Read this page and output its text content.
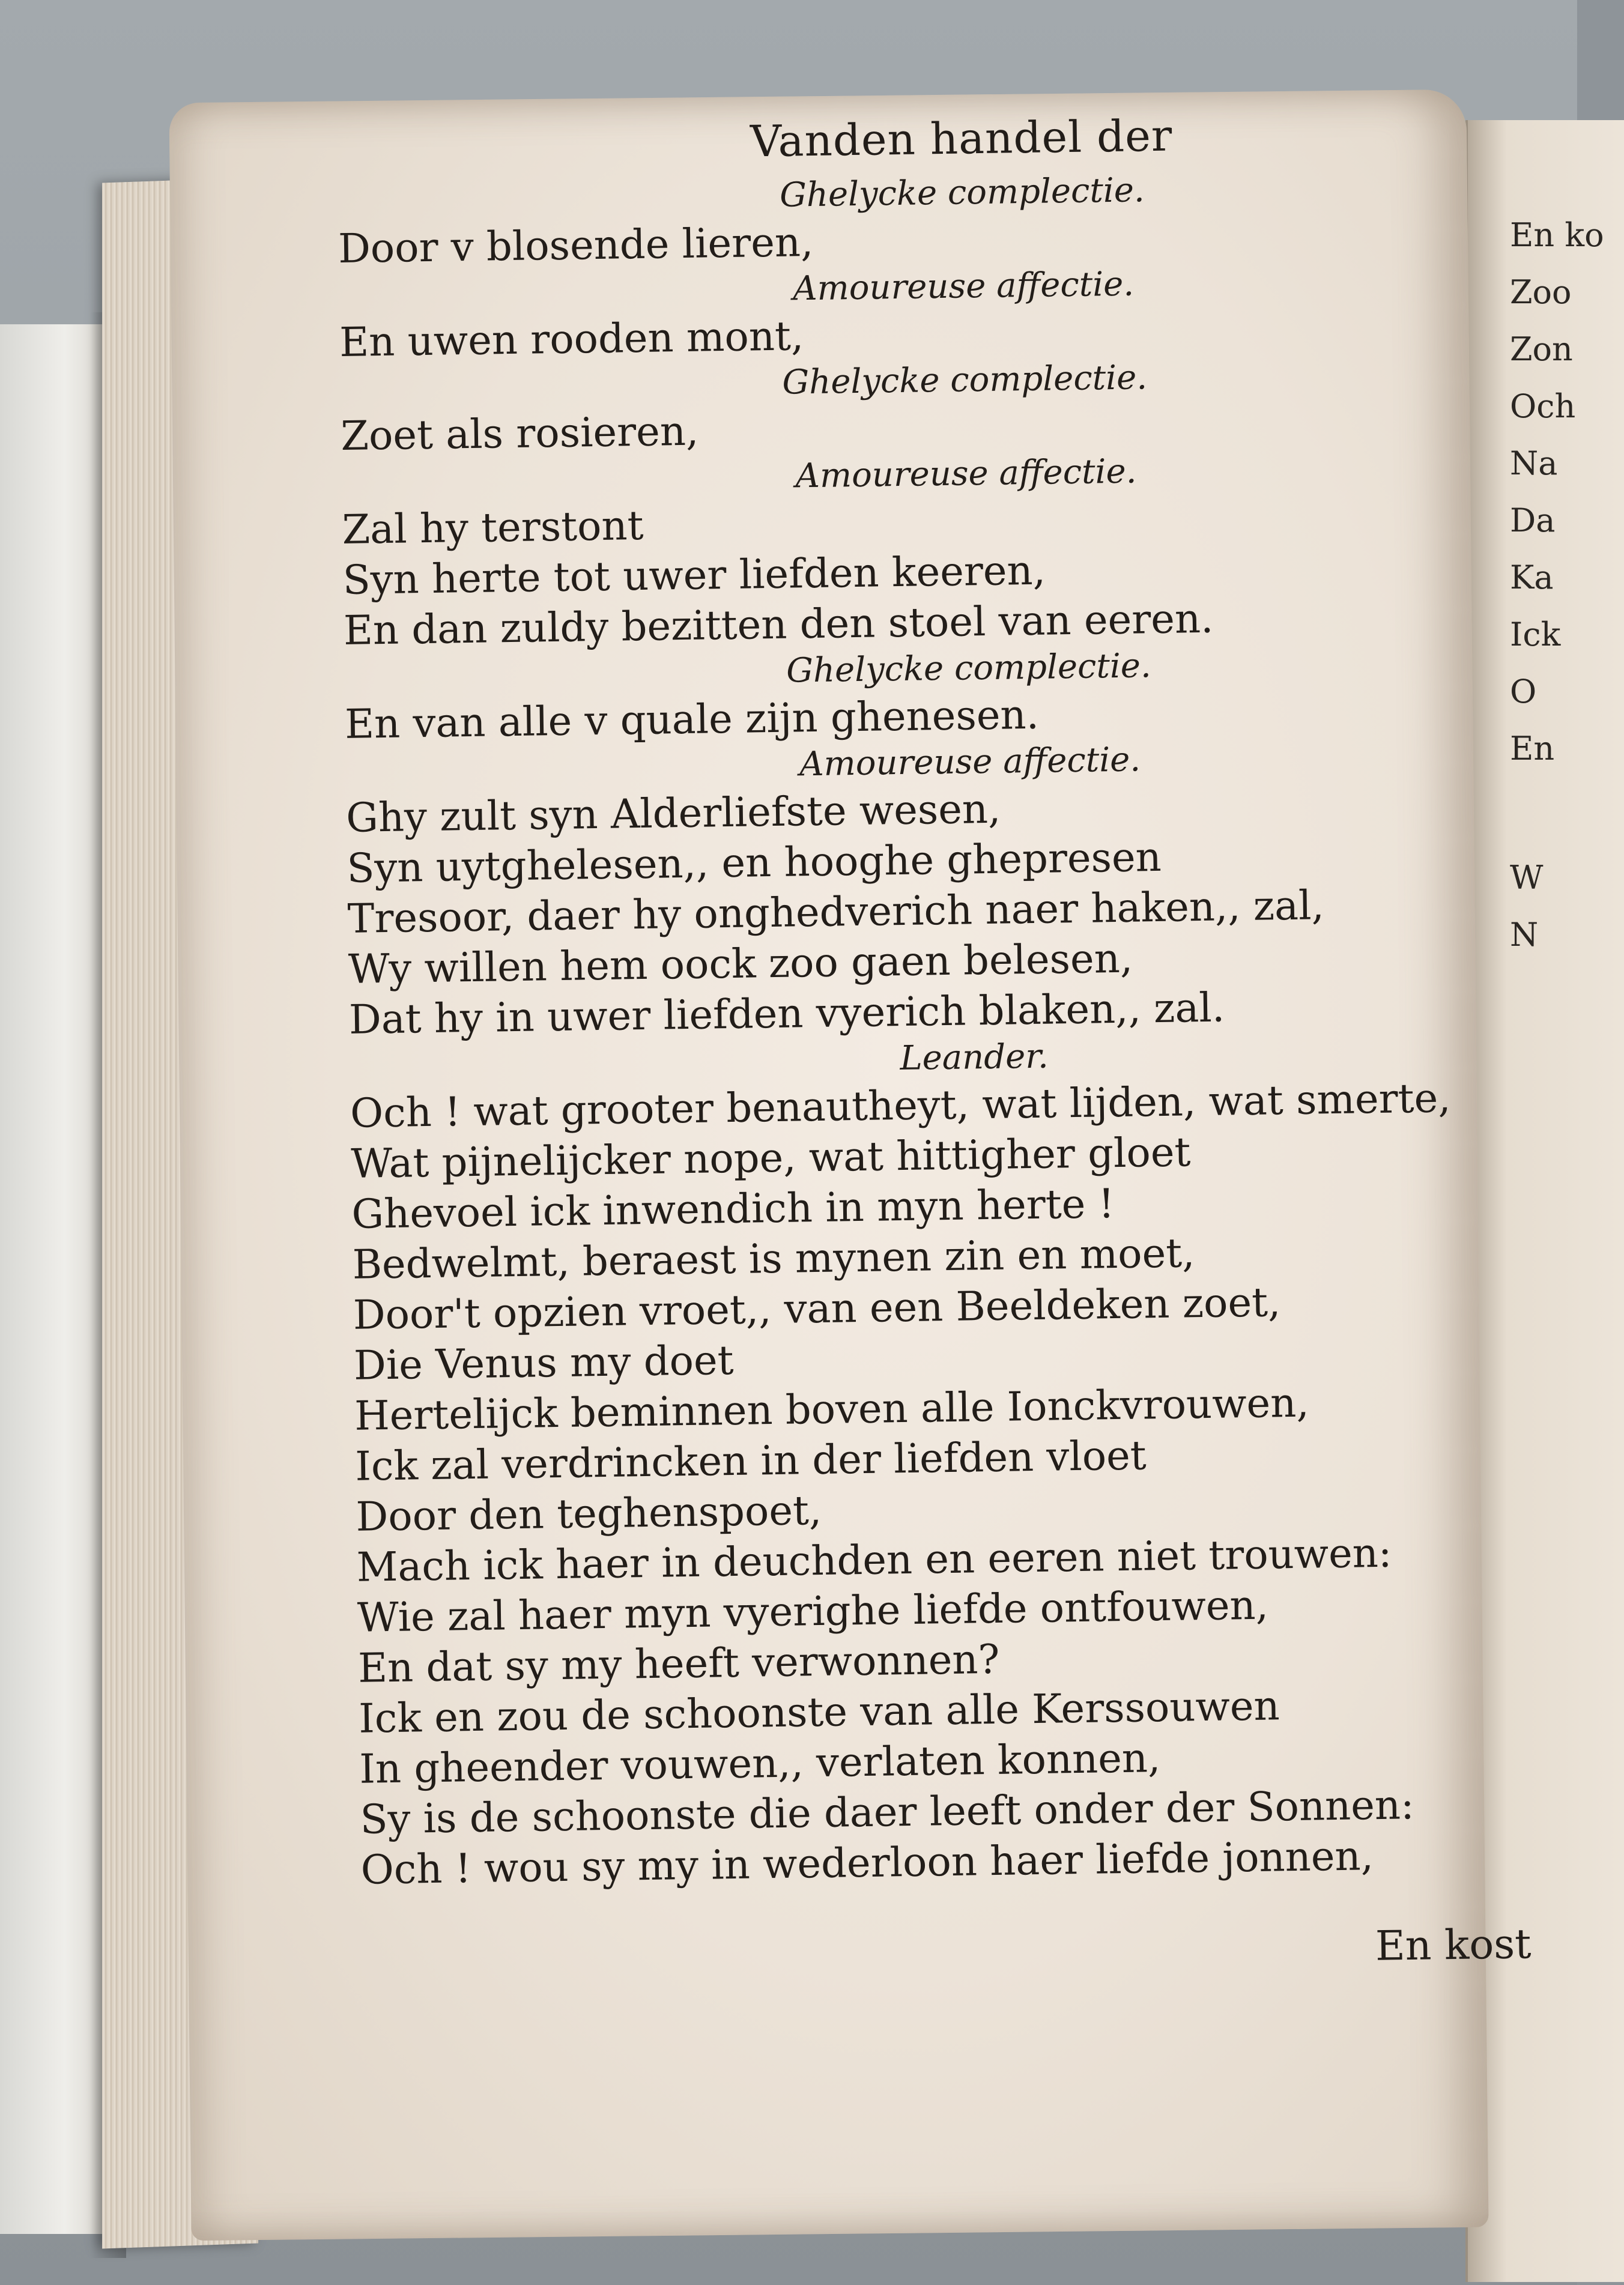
En ko
Zoo
Zon
Och
Na
Da
Ka
Ick
O
En
W
N
Vanden handel der
Ghelycke complectie.
Door v blosende lieren,
Amoureuse affectie.
En uwen rooden mont,
Ghelycke complectie.
Zoet als rosieren,
Amoureuse affectie.
Zal hy terstont
Syn herte tot uwer liefden keeren,
En dan zuldy bezitten den stoel van eeren.
Ghelycke complectie.
En van alle v quale zijn ghenesen.
Amoureuse affectie.
Ghy zult syn Alderliefste wesen,
Syn uytghelesen,, en hooghe ghepresen
Tresoor, daer hy onghedverich naer haken,, zal,
Wy willen hem oock zoo gaen belesen,
Dat hy in uwer liefden vyerich blaken,, zal.
Leander.
Och ! wat grooter benautheyt, wat lijden, wat smerte,
Wat pijnelijcker nope, wat hittigher gloet
Ghevoel ick inwendich in myn herte !
Bedwelmt, beraest is mynen zin en moet,
Door't opzien vroet,, van een Beeldeken zoet,
Die Venus my doet
Hertelijck beminnen boven alle Ionckvrouwen,
Ick zal verdrincken in der liefden vloet
Door den teghenspoet,
Mach ick haer in deuchden en eeren niet trouwen:
Wie zal haer myn vyerighe liefde ontfouwen,
En dat sy my heeft verwonnen?
Ick en zou de schoonste van alle Kerssouwen
In gheender vouwen,, verlaten konnen,
Sy is de schoonste die daer leeft onder der Sonnen:
Och ! wou sy my in wederloon haer liefde jonnen,
En kost
